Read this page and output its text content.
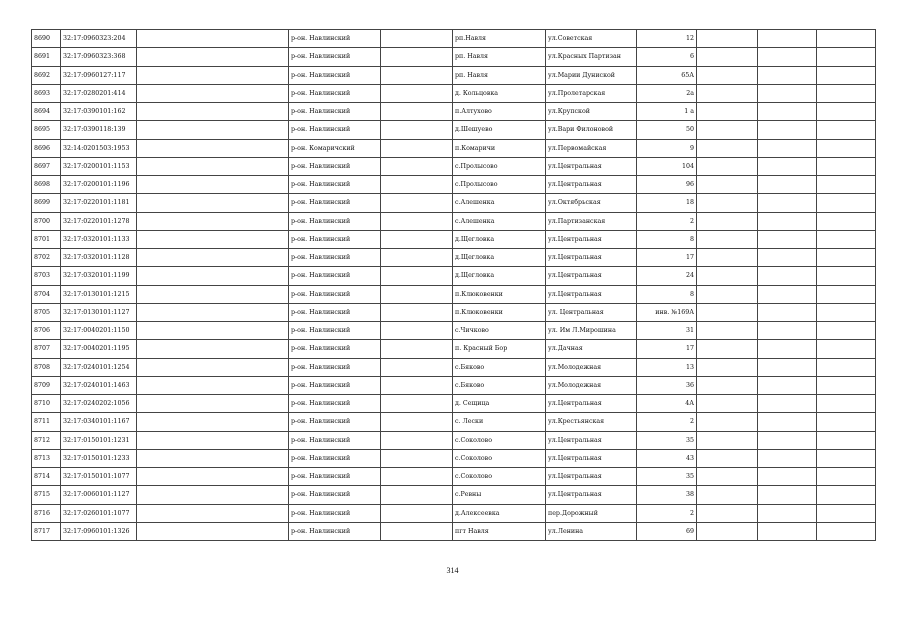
8690	32:17:0960323:204		р-он. Навлинский		рп.Навля	ул.Советская	12			
8691	32:17:0960323:368		р-он. Навлинский		рп. Навля	ул.Красных Партизан	6			
8692	32:17:0960127:117		р-он. Навлинский		рп. Навля	ул.Марии Дуниской	65А			
8693	32:17:0280201:414		р-он. Навлинский		д. Кольцовка	ул.Пролетарская	2а			
8694	32:17:0390101:162		р-он. Навлинский		п.Алтухово	ул.Крупской	1 а			
8695	32:17:0390118:139		р-он. Навлинский		д.Шешуево	ул.Вари Филоновой	50			
8696	32:14:0201503:1953		р-он. Комаричский		п.Комаричи	ул.Первомайская	9			
8697	32:17:0200101:1153		р-он. Навлинский		с.Пролысово	ул.Центральная	104			
8698	32:17:0200101:1196		р-он. Навлинский		с.Пролысово	ул.Центральная	96			
8699	32:17:0220101:1181		р-он. Навлинский		с.Алешенка	ул.Октябрьская	18			
8700	32:17:0220101:1278		р-он. Навлинский		с.Алешенка	ул.Партизанская	2			
8701	32:17:0320101:1133		р-он. Навлинский		д.Щегловка	ул.Центральная	8			
8702	32:17:0320101:1128		р-он. Навлинский		д.Щегловка	ул.Центральная	17			
8703	32:17:0320101:1199		р-он. Навлинский		д.Щегловка	ул.Центральная	24			
8704	32:17:0130101:1215		р-он. Навлинский		п.Клюковенки	ул.Центральная	8			
8705	32:17:0130101:1127		р-он. Навлинский		п.Клюковенки	ул. Центральная	инв. №169А			
8706	32:17:0040201:1150		р-он. Навлинский		с.Чичково	ул. Им Л.Мирошина	31			
8707	32:17:0040201:1195		р-он. Навлинский		п. Красный Бор	ул.Дачная	17			
8708	32:17:0240101:1254		р-он. Навлинский		с.Бяково	ул.Молодежная	13			
8709	32:17:0240101:1463		р-он. Навлинский		с.Бяково	ул.Молодежная	36			
8710	32:17:0240202:1056		р-он. Навлинский		д. Сещица	ул.Центральная	4А			
8711	32:17:0340101:1167		р-он. Навлинский		с. Лески	ул.Крестьянская	2			
8712	32:17:0150101:1231		р-он. Навлинский		с.Соколово	ул.Центральная	35			
8713	32:17:0150101:1233		р-он. Навлинский		с.Соколово	ул.Центральная	43			
8714	32:17:0150101:1077		р-он. Навлинский		с.Соколово	ул.Центральная	35			
8715	32:17:0060101:1127		р-он. Навлинский		с.Ревны	ул.Центральная	38			
8716	32:17:0260101:1077		р-он. Навлинский		д.Алексеевка	пер.Дорожный	2			
8717	32:17:0960101:1326		р-он. Навлинский		пгт Навля	ул.Ленина	69			
314
